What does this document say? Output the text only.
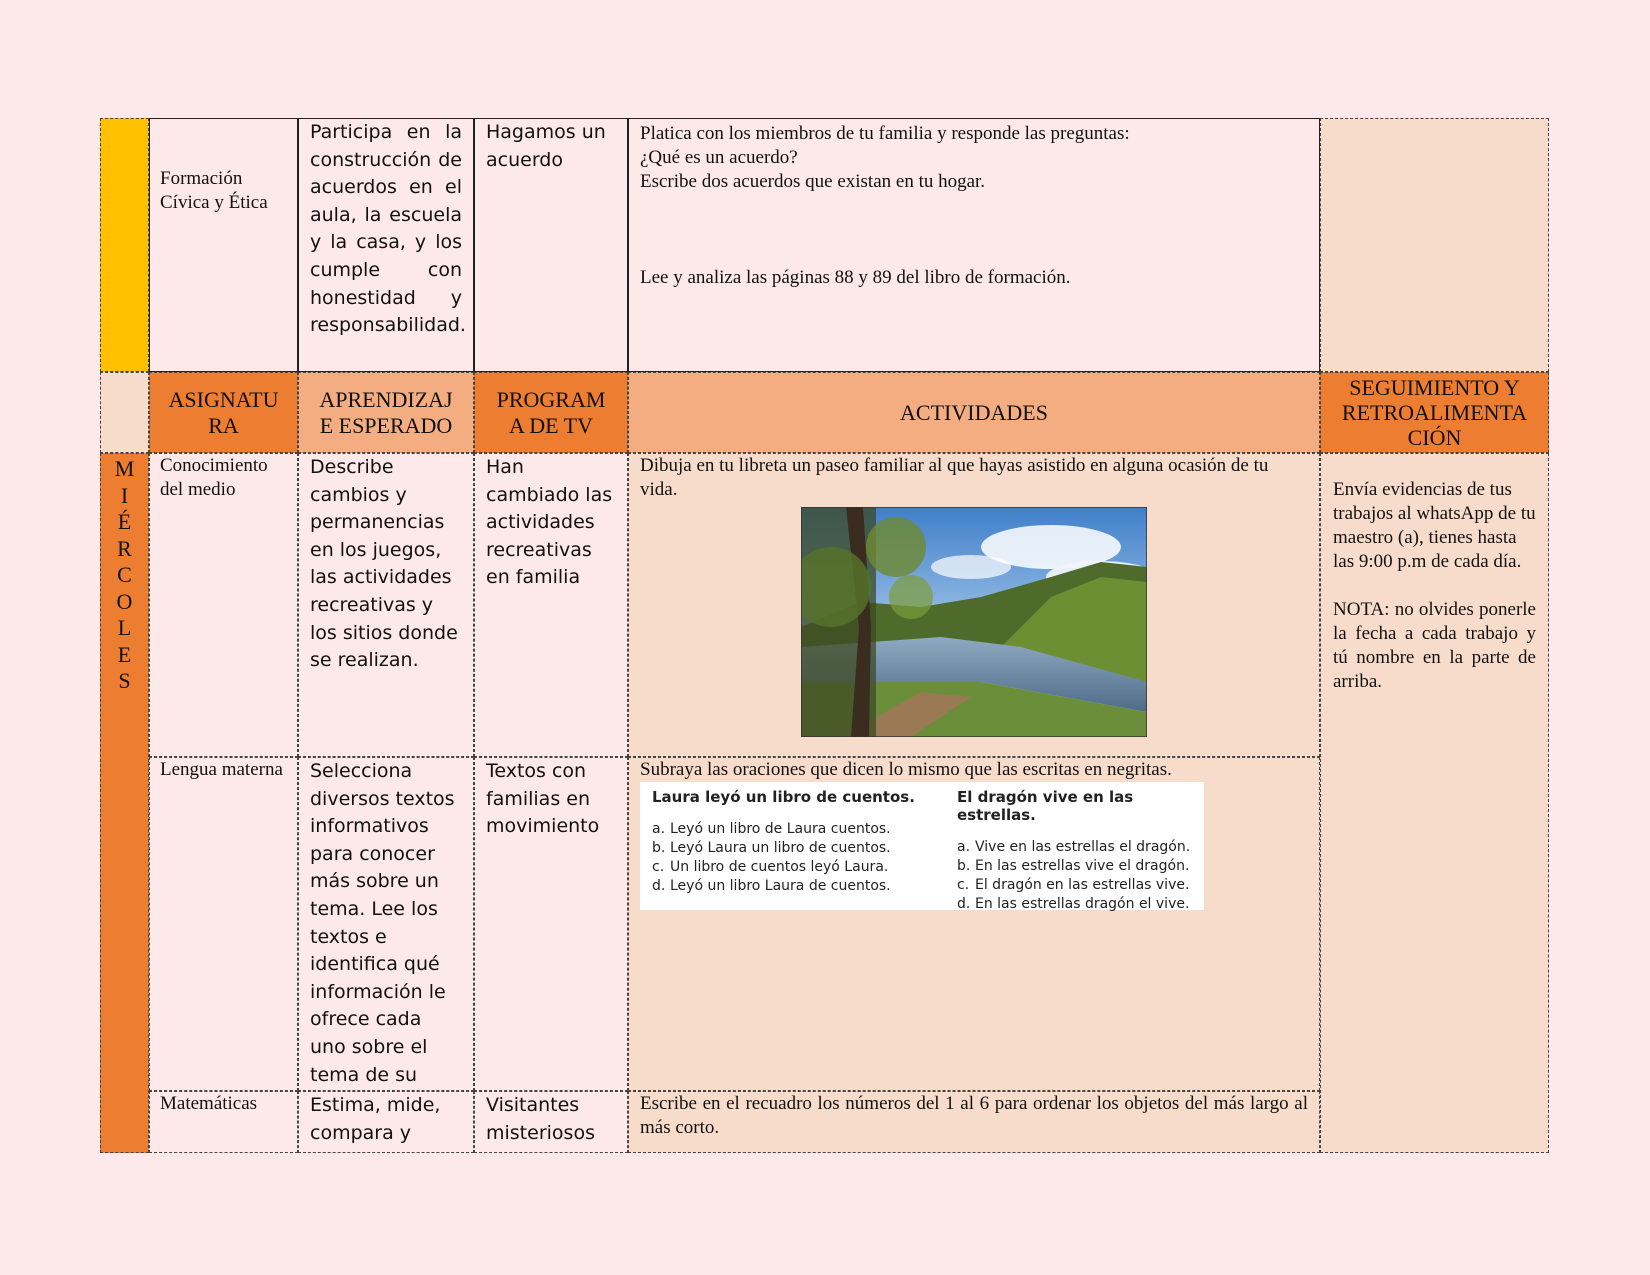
Formación Cívica y Ética
Participa en la construcción de acuerdos en el aula, la escuela y la casa, y los cumple con honestidad y responsabilidad.
Hagamos un acuerdo
Platica con los miembros de tu familia y responde las preguntas:
¿Qué es un acuerdo?
Escribe dos acuerdos que existan en tu hogar.
Lee y analiza las páginas 88 y 89 del libro de formación.
ASIGNATU RA
APRENDIZAJ E ESPERADO
PROGRAM A DE TV
ACTIVIDADES
SEGUIMIENTO Y RETROALIMENTA CIÓN
M
I
É
R
C
O
L
E
S
Conocimiento del medio
Describe cambios y permanencias en los juegos, las actividades recreativas y los sitios donde se realizan.
Han cambiado las actividades recreativas en familia
Dibuja en tu libreta un paseo familiar al que hayas asistido en alguna ocasión de tu vida.
Lengua materna	Selecciona diversos textos informativos para conocer más sobre un tema. Lee los textos e identifica qué información le ofrece cada uno sobre el tema de su
Textos con familias en movimiento
Subraya las oraciones que dicen lo mismo que las escritas en negritas.
Laura leyó un libro de cuentos.
a. Leyó un libro de Laura cuentos.
b. Leyó Laura un libro de cuentos.
c. Un libro de cuentos leyó Laura.
d. Leyó un libro Laura de cuentos.
El dragón vive en las estrellas.
a. Vive en las estrellas el dragón.
b. En las estrellas vive el dragón.
c. El dragón en las estrellas vive.
d. En las estrellas dragón el vive.
Matemáticas	Estima, mide, compara y
Visitantes misteriosos
Escribe en el recuadro los números del 1 al 6 para ordenar los objetos del más largo al más corto.
Envía evidencias de tus trabajos al whatsApp de tu maestro (a), tienes hasta las 9:00 p.m de cada día.
NOTA: no olvides ponerle la fecha a cada trabajo y tú nombre en la parte de arriba.
